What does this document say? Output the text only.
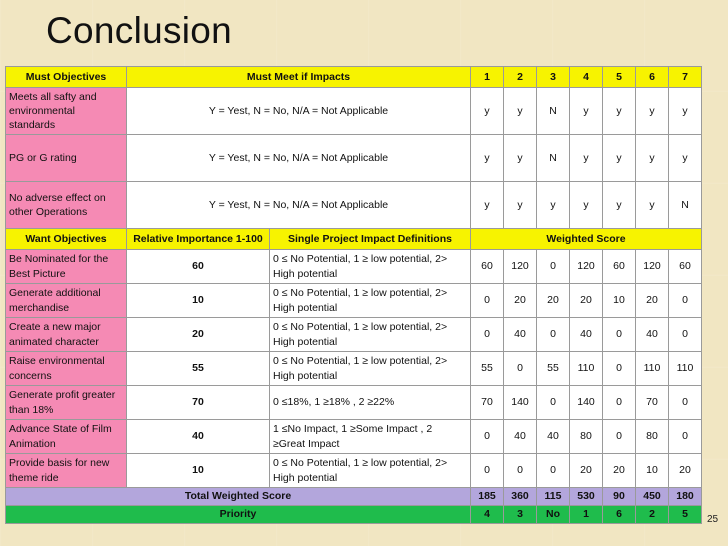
Conclusion
Must Objectives	Must Meet if Impacts		1	2	3	4	5	6	7
Meets all safty and environmental standards	Y = Yest, N = No, N/A = Not Applicable		y	y	N	y	y	y	y
PG or G rating	Y = Yest, N = No, N/A = Not Applicable		y	y	N	y	y	y	y
No adverse effect on other Operations	Y = Yest, N = No, N/A = Not Applicable		y	y	y	y	y	y	N
Want Objectives	Relative Importance 1-100	Single Project Impact Definitions	Weighted Score						
Be Nominated for the Best Picture	60	0 ≤ No Potential, 1 ≥ low potential, 2> High potential	60	120	0	120	60	120	60
Generate additional merchandise	10	0 ≤ No Potential, 1 ≥ low potential, 2> High potential	0	20	20	20	10	20	0
Create a new major animated character	20	0 ≤ No Potential, 1 ≥ low potential, 2> High potential	0	40	0	40	0	40	0
Raise environmental concerns	55	0 ≤ No Potential, 1 ≥ low potential, 2> High potential	55	0	55	110	0	110	110
Generate profit greater than 18%	70	0 ≤18%, 1 ≥18% , 2 ≥22%	70	140	0	140	0	70	0
Advance State of Film Animation	40	1 ≤No Impact, 1 ≥Some Impact , 2 ≥Great Impact	0	40	40	80	0	80	0
Provide basis for new theme ride	10	0 ≤ No Potential, 1 ≥ low potential, 2> High potential	0	0	0	20	20	10	20
Total Weighted Score			185	360	115	530	90	450	180
Priority			4	3	No	1	6	2	5 25
